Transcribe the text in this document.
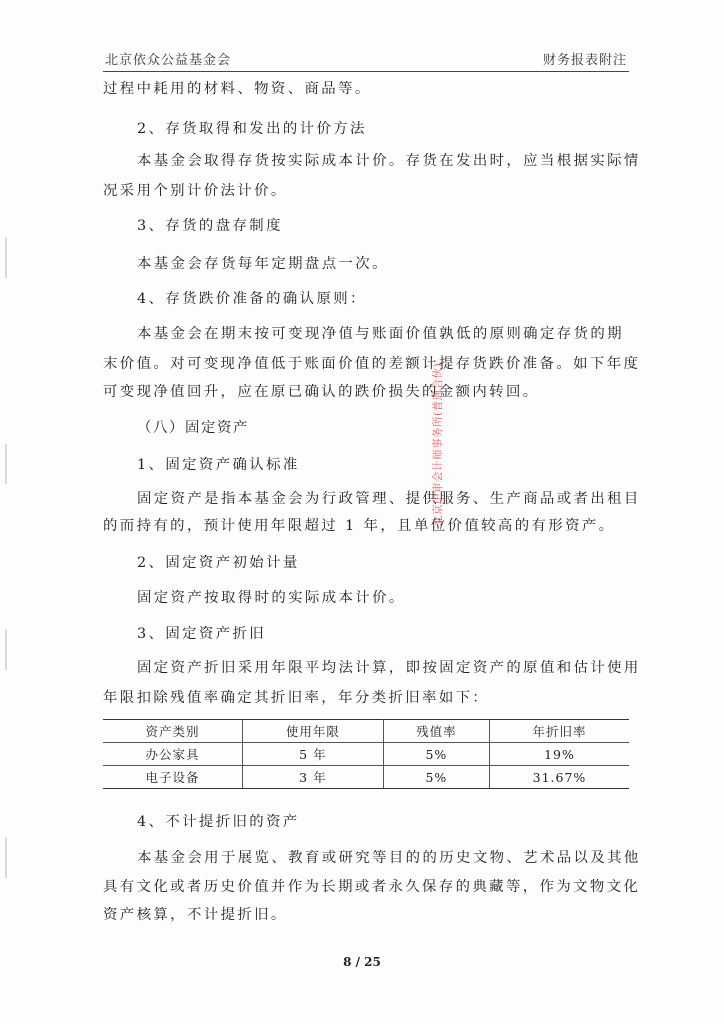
北京依众公益基金会	财务报表附注
过程中耗用的材料、物资、商品等。
2、存货取得和发出的计价方法
本基金会取得存货按实际成本计价。存货在发出时，应当根据实际情
况采用个别计价法计价。
3、存货的盘存制度
本基金会存货每年定期盘点一次。
4、存货跌价准备的确认原则：
本基金会在期末按可变现净值与账面价值孰低的原则确定存货的期
末价值。对可变现净值低于账面价值的差额计提存货跌价准备。如下年度
可变现净值回升，应在原已确认的跌价损失的金额内转回。
（八）固定资产
1、固定资产确认标准
固定资产是指本基金会为行政管理、提供服务、生产商品或者出租目
的而持有的，预计使用年限超过 1 年，且单位价值较高的有形资产。
2、固定资产初始计量
固定资产按取得时的实际成本计价。
3、固定资产折旧
固定资产折旧采用年限平均法计算，即按固定资产的原值和估计使用
年限扣除残值率确定其折旧率，年分类折旧率如下：
资产类别	使用年限	残值率	年折旧率
办公家具	5 年	5%	19%
电子设备	3 年	5%	31.67%
4、不计提折旧的资产
本基金会用于展览、教育或研究等目的的历史文物、艺术品以及其他
具有文化或者历史价值并作为长期或者永久保存的典藏等，作为文物文化
资产核算，不计提折旧。
北京中审会计师事务所(普通合伙)
8 / 25
